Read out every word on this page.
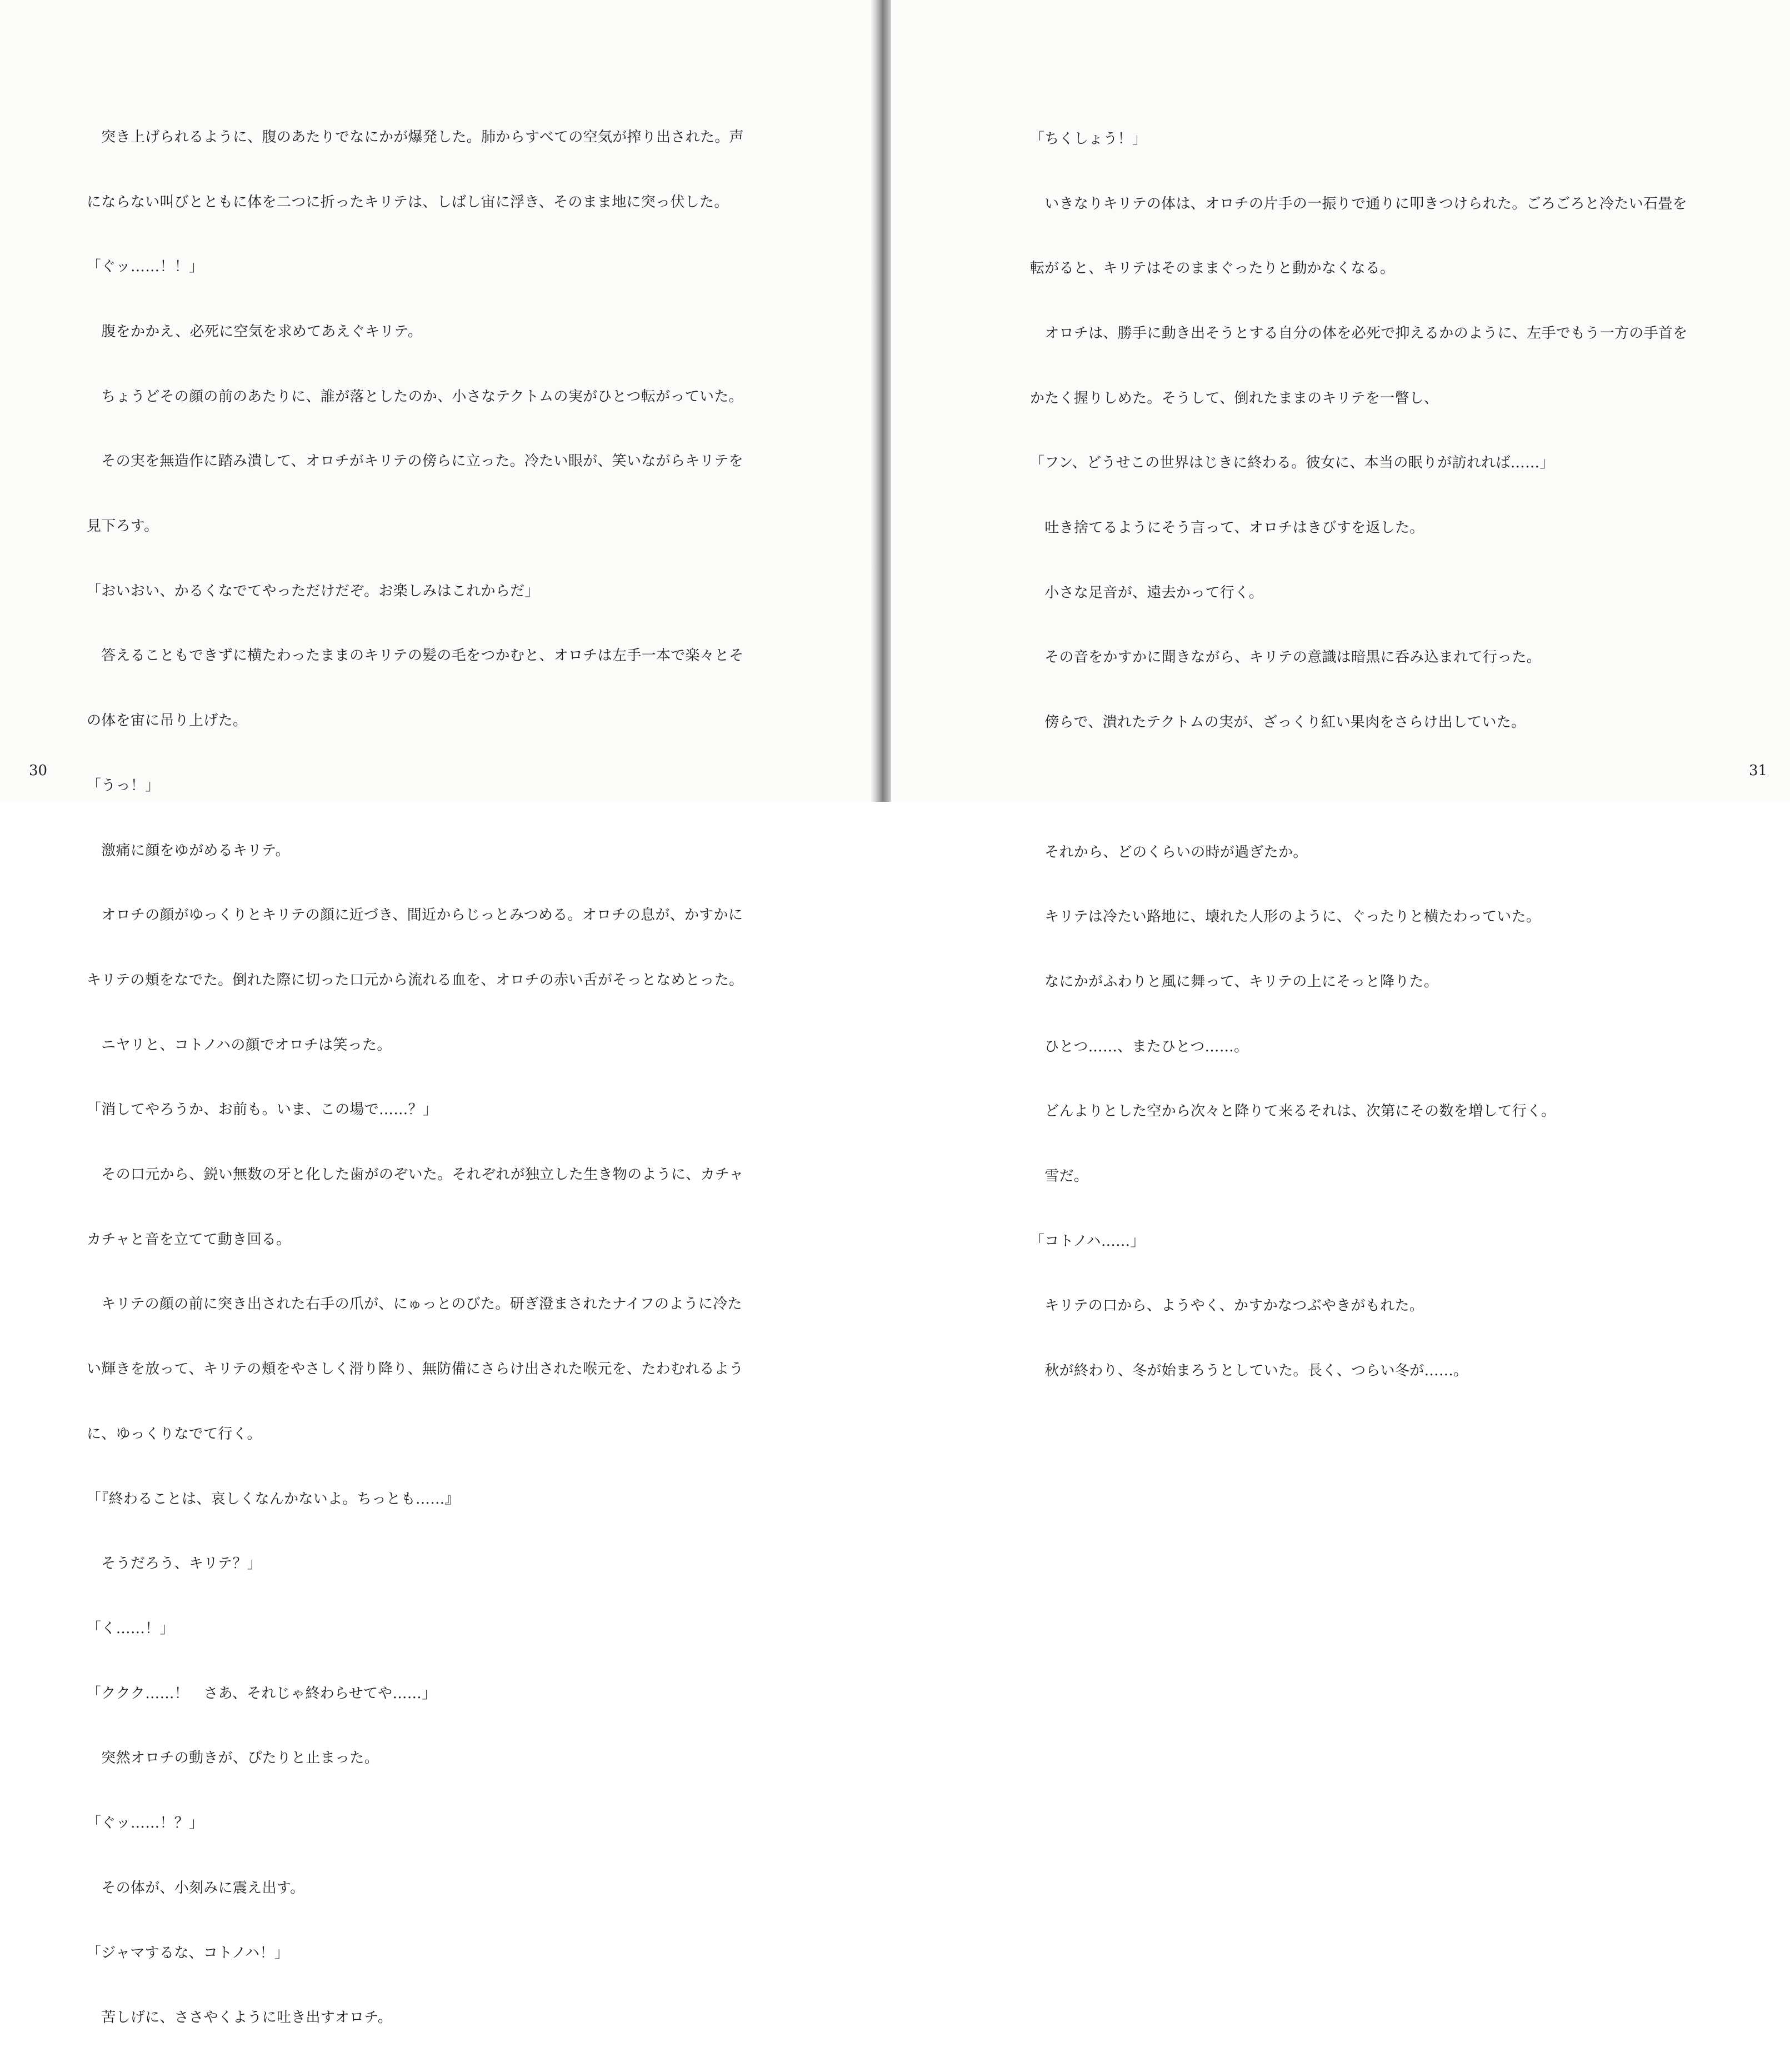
　突き上げられるように、腹のあたりでなにかが爆発した。肺からすべての空気が搾り出された。声

にならない叫びとともに体を二つに折ったキリテは、しばし宙に浮き、そのまま地に突っ伏した。

「ぐッ……！！」

　腹をかかえ、必死に空気を求めてあえぐキリテ。

　ちょうどその顔の前のあたりに、誰が落としたのか、小さなテクトムの実がひとつ転がっていた。

　その実を無造作に踏み潰して、オロチがキリテの傍らに立った。冷たい眼が、笑いながらキリテを

見下ろす。

「おいおい、かるくなでてやっただけだぞ。お楽しみはこれからだ」

　答えることもできずに横たわったままのキリテの髪の毛をつかむと、オロチは左手一本で楽々とそ

の体を宙に吊り上げた。

「うっ！」

　激痛に顔をゆがめるキリテ。

　オロチの顔がゆっくりとキリテの顔に近づき、間近からじっとみつめる。オロチの息が、かすかに

キリテの頬をなでた。倒れた際に切った口元から流れる血を、オロチの赤い舌がそっとなめとった。

　ニヤリと、コトノハの顔でオロチは笑った。

「消してやろうか、お前も。いま、この場で……？」

　その口元から、鋭い無数の牙と化した歯がのぞいた。それぞれが独立した生き物のように、カチャ

カチャと音を立てて動き回る。

　キリテの顔の前に突き出された右手の爪が、にゅっとのびた。研ぎ澄まされたナイフのように冷た

い輝きを放って、キリテの頬をやさしく滑り降り、無防備にさらけ出された喉元を、たわむれるよう

に、ゆっくりなでて行く。

「『終わることは、哀しくなんかないよ。ちっとも……』

　そうだろう、キリテ？」

「く……！」

「ククク……！　さあ、それじゃ終わらせてや……」

　突然オロチの動きが、ぴたりと止まった。

「ぐッ……！？」

　その体が、小刻みに震え出す。

「ジャマするな、コトノハ！」

　苦しげに、ささやくように吐き出すオロチ。

30

「ちくしょう！」

　いきなりキリテの体は、オロチの片手の一振りで通りに叩きつけられた。ごろごろと冷たい石畳を

転がると、キリテはそのままぐったりと動かなくなる。

　オロチは、勝手に動き出そうとする自分の体を必死で抑えるかのように、左手でもう一方の手首を

かたく握りしめた。そうして、倒れたままのキリテを一瞥し、

「フン、どうせこの世界はじきに終わる。彼女に、本当の眠りが訪れれば……」

　吐き捨てるようにそう言って、オロチはきびすを返した。

　小さな足音が、遠去かって行く。

　その音をかすかに聞きながら、キリテの意識は暗黒に呑み込まれて行った。

　傍らで、潰れたテクトムの実が、ざっくり紅い果肉をさらけ出していた。

　それから、どのくらいの時が過ぎたか。

　キリテは冷たい路地に、壊れた人形のように、ぐったりと横たわっていた。

　なにかがふわりと風に舞って、キリテの上にそっと降りた。

　ひとつ……、またひとつ……。

　どんよりとした空から次々と降りて来るそれは、次第にその数を増して行く。

　雪だ。

「コトノハ……」

　キリテの口から、ようやく、かすかなつぶやきがもれた。

　秋が終わり、冬が始まろうとしていた。長く、つらい冬が……。

31
